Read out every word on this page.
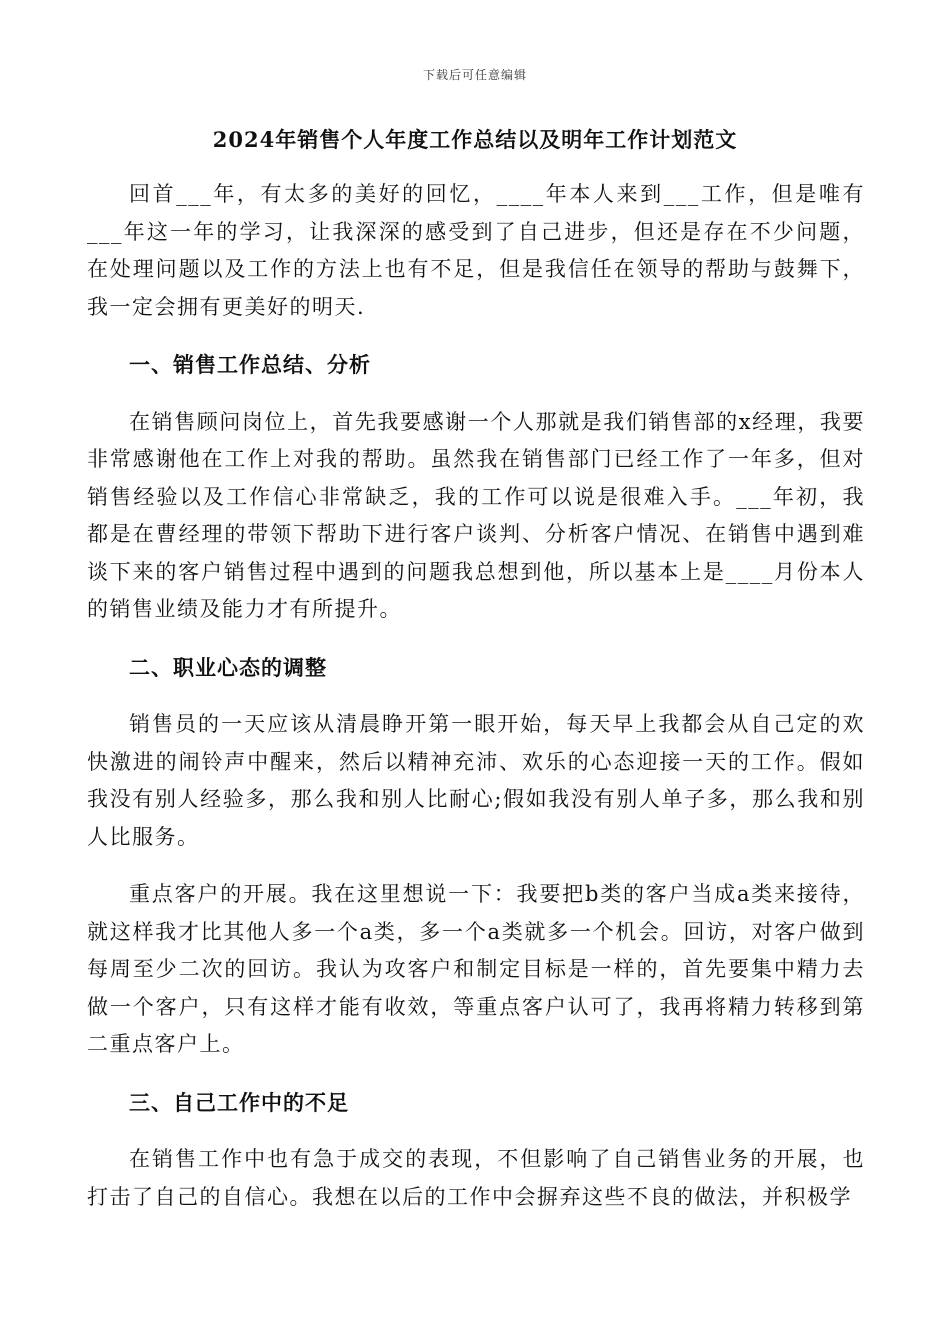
下载后可任意编辑
2024年销售个人年度工作总结以及明年工作计划范文

回首___年，有太多的美好的回忆，____年本人来到___工作，但是唯有___年这一年的学习，让我深深的感受到了自己进步，但还是存在不少问题，在处理问题以及工作的方法上也有不足，但是我信任在领导的帮助与鼓舞下，我一定会拥有更美好的明天.

一、销售工作总结、分析

在销售顾问岗位上，首先我要感谢一个人那就是我们销售部的x经理，我要非常感谢他在工作上对我的帮助。虽然我在销售部门已经工作了一年多，但对销售经验以及工作信心非常缺乏，我的工作可以说是很难入手。___年初，我都是在曹经理的带领下帮助下进行客户谈判、分析客户情况、在销售中遇到难谈下来的客户销售过程中遇到的问题我总想到他，所以基本上是____月份本人的销售业绩及能力才有所提升。

二、职业心态的调整

销售员的一天应该从清晨睁开第一眼开始，每天早上我都会从自己定的欢快激进的闹铃声中醒来，然后以精神充沛、欢乐的心态迎接一天的工作。假如我没有别人经验多，那么我和别人比耐心;假如我没有别人单子多，那么我和别人比服务。

重点客户的开展。我在这里想说一下：我要把b类的客户当成a类来接待，就这样我才比其他人多一个a类，多一个a类就多一个机会。回访，对客户做到每周至少二次的回访。我认为攻客户和制定目标是一样的，首先要集中精力去做一个客户，只有这样才能有收效，等重点客户认可了，我再将精力转移到第二重点客户上。

三、自己工作中的不足

在销售工作中也有急于成交的表现，不但影响了自己销售业务的开展，也打击了自己的自信心。我想在以后的工作中会摒弃这些不良的做法，并积极学
